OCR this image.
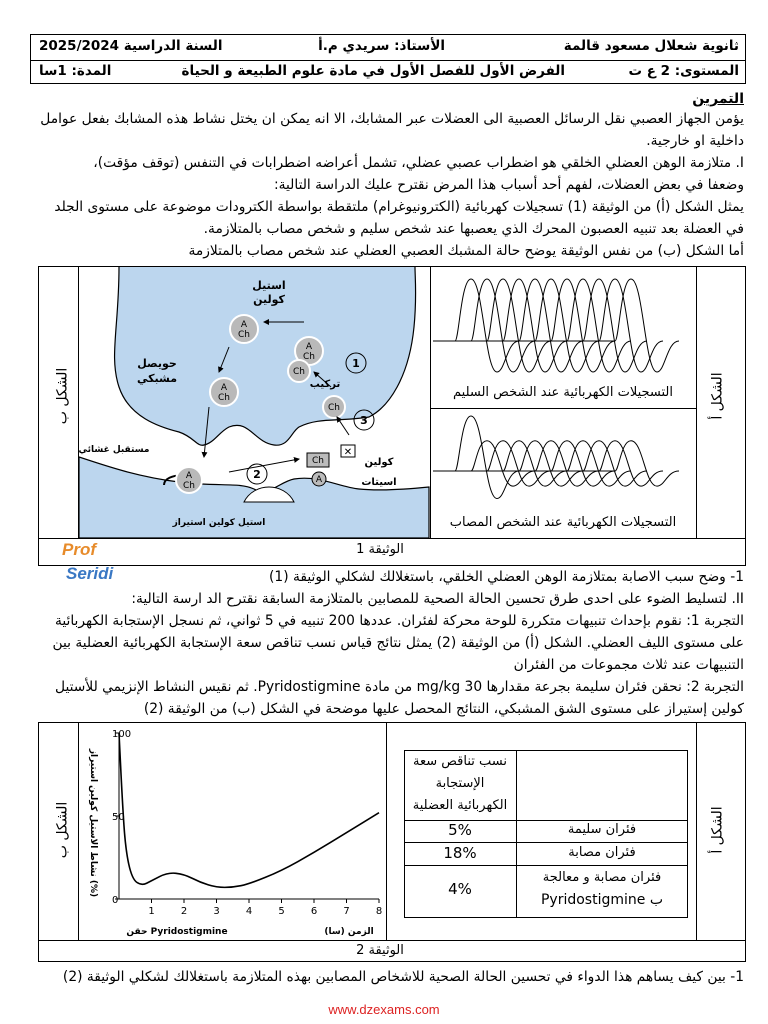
ثانوية شعلال مسعود قالمة
الأستاذ: سريدي م.أ
السنة الدراسية 2025/2024
المستوى: 2 ع ت
الفرض الأول للفصل الأول في مادة علوم الطبيعة و الحياة
المدة: 1سا
التمرين
يؤمن الجهاز العصبي نقل الرسائل العصبية الى العضلات عبر المشابك، الا انه يمكن ان يختل نشاط هذه المشابك بفعل عوامل
داخلية او خارجية.
I. متلازمة الوهن العضلي الخلقي هو اضطراب عصبي عضلي، تشمل أعراضه اضطرابات في التنفس (توقف مؤقت)،
وضعفا في بعض العضلات، لفهم أحد أسباب هذا المرض نقترح عليك الدراسة التالية:
يمثل الشكل (أ) من الوثيقة (1) تسجيلات كهربائية (الكترونيوغرام) ملتقطة بواسطة الكترودات موضوعة على مستوى الجلد
في العضلة بعد تنبيه العصبون المحرك الذي يعصبها عند شخص سليم و شخص مصاب بالمتلازمة.
أما الشكل (ب) من نفس الوثيقة يوضح حالة المشبك العصبي العضلي عند شخص مصاب بالمتلازمة
الشكل أ
الشكل ب	التسجيلات الكهربائية عند الشخص السليم
التسجيلات الكهربائية عند الشخص المصاب
A
Ch
A
Ch
A
Ch
Ch
Ch
A
Ch
Ch
A
✕
استيل
كولين
حويصل
مشبكي	تركيب
مستقبل غشائي
كولين
اسيتات
استيل كولين استيراز
1
2
3
Prof
Seridi
الوثيقة 1
1- وضح سبب الاصابة بمتلازمة الوهن العضلي الخلقي، باستغلالك لشكلي الوثيقة (1)
II. لتسليط الضوء على احدى طرق تحسين الحالة الصحية للمصابين بالمتلازمة السابقة نقترح الد ارسة التالية:
التجربة 1: نقوم بإحداث تنبيهات متكررة للوحة محركة لفئران. عددها 200 تنبيه في 5 ثواني، ثم نسجل الإستجابة الكهربائية
على مستوى الليف العضلي. الشكل (أ) من الوثيقة (2) يمثل نتائج قياس نسب تناقص سعة الإستجابة الكهربائية العضلية بين
التنبيهات عند ثلاث مجموعات من الفئران
التجربة 2: نحقن فئران سليمة بجرعة مقدارها 30 mg/kg من مادة Pyridostigmine. ثم نقيس النشاط الإنزيمي للأستيل
كولين إستيراز على مستوى الشق المشبكي، النتائج المحصل عليها موضحة في الشكل (ب) من الوثيقة (2)
الشكل أ
الشكل ب
نسب تناقص سعة
الإستجابة
الكهربائية العضلية
فئران سليمة
5%
فئران مصابة
18%
فئران مصابة و معالجة
ب Pyridostigmine
4%
1	2	3	4	5	6	7	8
0
50
100
(%) نشاط الاستيل كولين استيراز
الزمن (سا)
Pyridostigmine حقن
الوثيقة 2
1- بين كيف يساهم هذا الدواء في تحسين الحالة الصحية للاشخاص المصابين بهذه المتلازمة باستغلالك لشكلي الوثيقة (2)
www.dzexams.com
